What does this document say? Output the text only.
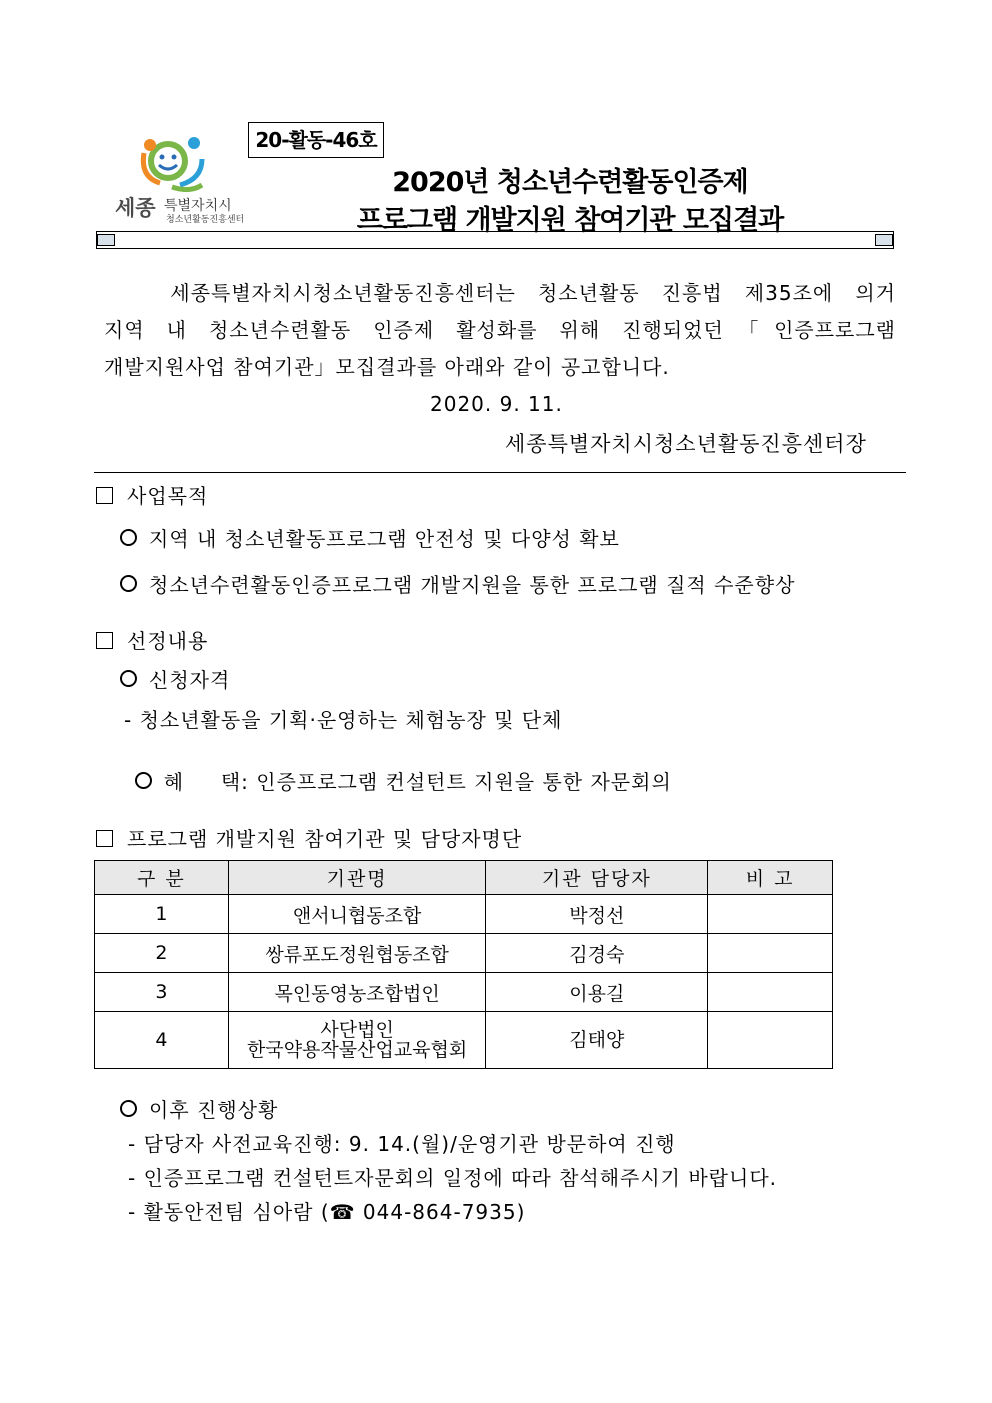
20-활동-46호
세종 특별자치시
청소년활동진흥센터
2020년 청소년수련활동인증제
프로그램 개발지원 참여기관 모집결과
세종특별자치시청소년활동진흥센터는 청소년활동 진흥법 제35조에 의거
지역 내 청소년수련활동 인증제 활성화를 위해 진행되었던「인증프로그램
개발지원사업 참여기관」모집결과를 아래와 같이 공고합니다.
2020. 9. 11.
세종특별자치시청소년활동진흥센터장
사업목적
지역 내 청소년활동프로그램 안전성 및 다양성 확보
청소년수련활동인증프로그램 개발지원을 통한 프로그램 질적 수준향상
선정내용
신청자격
- 청소년활동을 기획·운영하는 체험농장 및 단체

혜     택: 인증프로그램 컨설턴트 지원을 통한 자문회의

프로그램 개발지원 참여기관 및 담당자명단
구 분	기관명	기관 담당자	비 고
1	앤서니협동조합	박정선	
2	쌍류포도정원협동조합	김경숙	
3	목인동영농조합법인	이용길	
4	사단법인
한국약용작물산업교육협회	김태양	
이후 진행상황
- 담당자 사전교육진행: 9. 14.(월)/운영기관 방문하여 진행
- 인증프로그램 컨설턴트자문회의 일정에 따라 참석해주시기 바랍니다.
- 활동안전팀 심아람 (☎ 044-864-7935)
